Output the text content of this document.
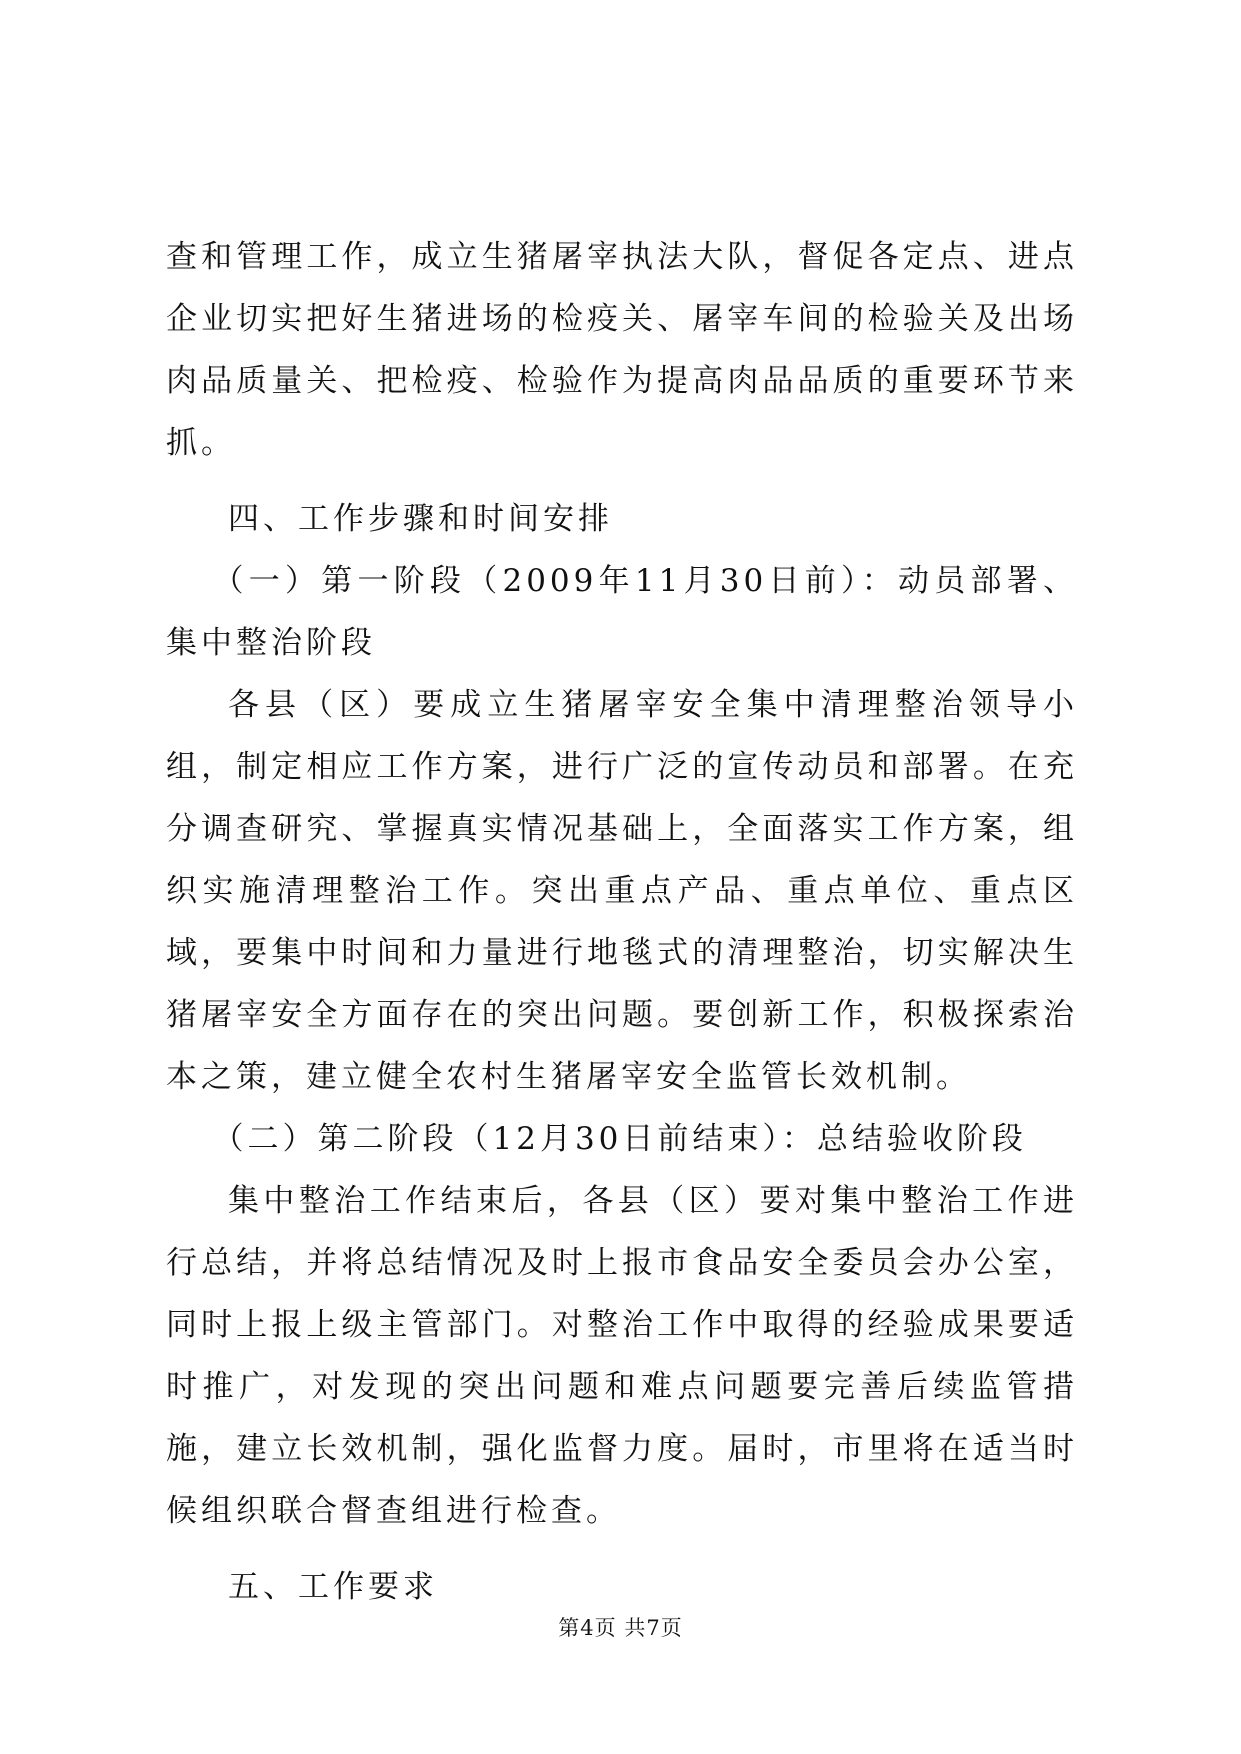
查和管理工作，成立生猪屠宰执法大队，督促各定点、进点企业切实把好生猪进场的检疫关、屠宰车间的检验关及出场肉品质量关、把检疫、检验作为提高肉品品质的重要环节来抓。

四、工作步骤和时间安排

（一）第一阶段（2009年11月30日前）：动员部署、集中整治阶段

各县（区）要成立生猪屠宰安全集中清理整治领导小组，制定相应工作方案，进行广泛的宣传动员和部署。在充分调查研究、掌握真实情况基础上，全面落实工作方案，组织实施清理整治工作。突出重点产品、重点单位、重点区域，要集中时间和力量进行地毯式的清理整治，切实解决生猪屠宰安全方面存在的突出问题。要创新工作，积极探索治本之策，建立健全农村生猪屠宰安全监管长效机制。

（二）第二阶段（12月30日前结束）：总结验收阶段

集中整治工作结束后，各县（区）要对集中整治工作进行总结，并将总结情况及时上报市食品安全委员会办公室，同时上报上级主管部门。对整治工作中取得的经验成果要适时推广，对发现的突出问题和难点问题要完善后续监管措施，建立长效机制，强化监督力度。届时，市里将在适当时候组织联合督查组进行检查。

五、工作要求

第4页 共7页
